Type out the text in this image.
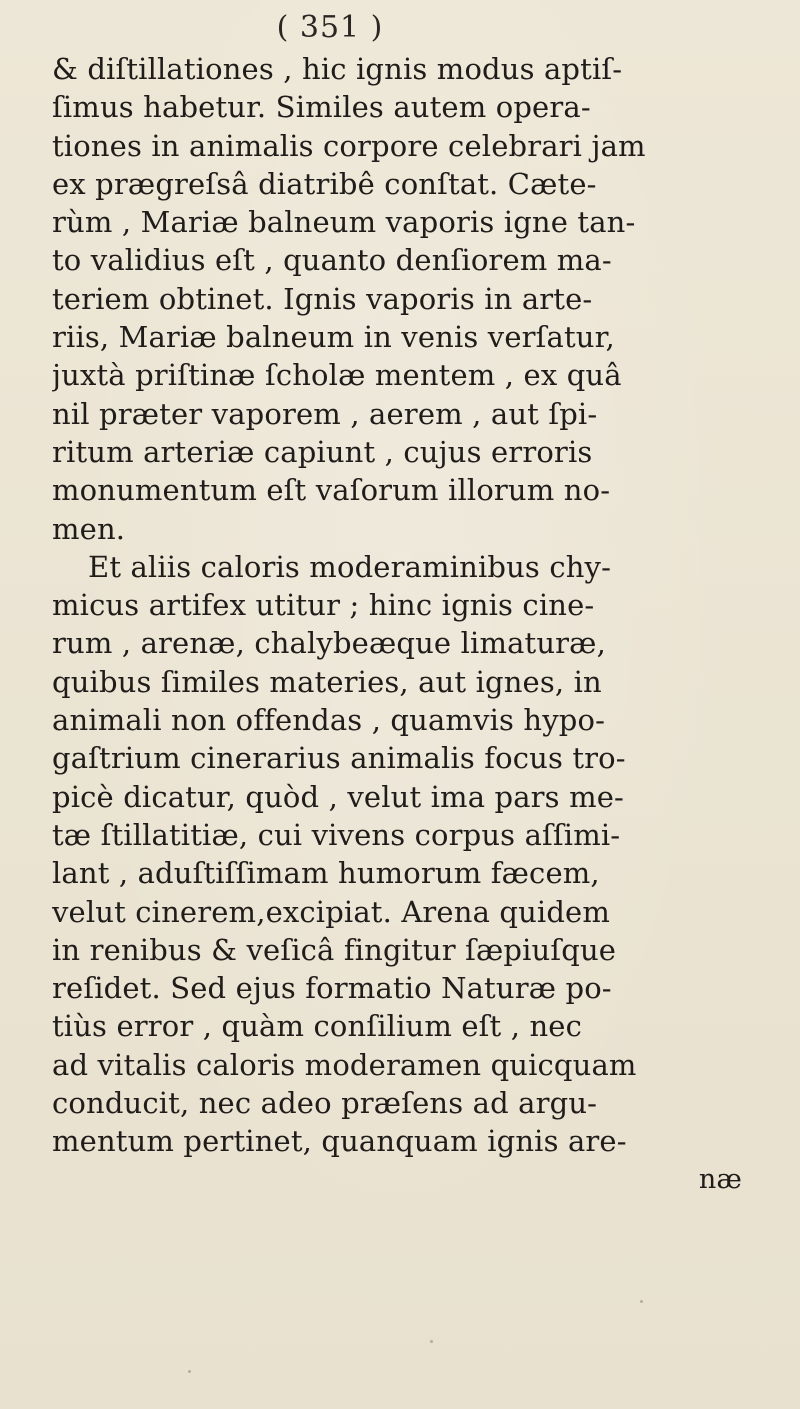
( 351 )
& diſtillationes , hic ignis modus aptiſ-
ſimus habetur. Similes autem opera-
tiones in animalis corpore celebrari jam
ex prægreſsâ diatribê conſtat. Cæte-
rùm , Mariæ balneum vaporis igne tan-
to validius eſt , quanto denſiorem ma-
teriem obtinet. Ignis vaporis in arte-
riis, Mariæ balneum in venis verſatur,
juxtà priſtinæ ſcholæ mentem , ex quâ
nil præter vaporem , aerem , aut ſpi-
ritum arteriæ capiunt , cujus erroris
monumentum eſt vaſorum illorum no-
men.
Et aliis caloris moderaminibus chy-
micus artifex utitur ; hinc ignis cine-
rum , arenæ, chalybeæque limaturæ,
quibus ſimiles materies, aut ignes, in
animali non offendas , quamvis hypo-
gaſtrium cinerarius animalis focus tro-
picè dicatur, quòd , velut ima pars me-
tæ ſtillatitiæ, cui vivens corpus aſſimi-
lant , aduſtiſſimam humorum fæcem,
velut cinerem,excipiat. Arena quidem
in renibus & veſicâ fingitur ſæpiuſque
reſidet. Sed ejus formatio Naturæ po-
tiùs error , quàm conſilium eſt , nec
ad vitalis caloris moderamen quicquam
conducit, nec adeo præſens ad argu-
mentum pertinet, quanquam ignis are-
næ
